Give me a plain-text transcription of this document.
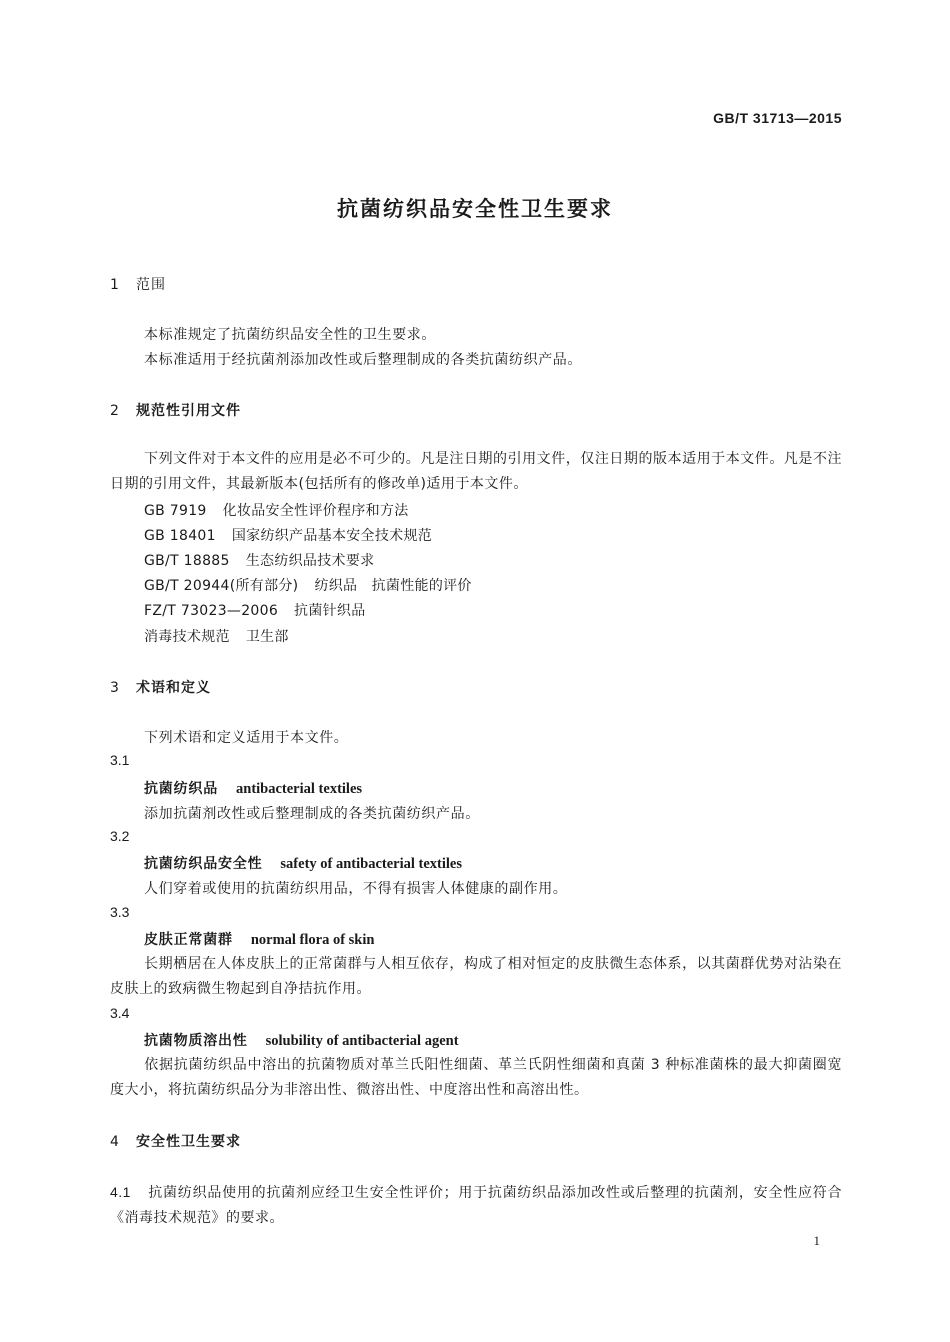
GB/T 31713—2015
抗菌纺织品安全性卫生要求
1 范围
本标准规定了抗菌纺织品安全性的卫生要求。
本标准适用于经抗菌剂添加改性或后整理制成的各类抗菌纺织产品。
2 规范性引用文件
下列文件对于本文件的应用是必不可少的。凡是注日期的引用文件，仅注日期的版本适用于本文件。凡是不注日期的引用文件，其最新版本(包括所有的修改单)适用于本文件。
GB 7919 化妆品安全性评价程序和方法
GB 18401 国家纺织产品基本安全技术规范
GB/T 18885 生态纺织品技术要求
GB/T 20944(所有部分) 纺织品　抗菌性能的评价
FZ/T 73023—2006 抗菌针织品
消毒技术规范 卫生部
3 术语和定义
下列术语和定义适用于本文件。
3.1
抗菌纺织品 antibacterial textiles
添加抗菌剂改性或后整理制成的各类抗菌纺织产品。
3.2
抗菌纺织品安全性 safety of antibacterial textiles
人们穿着或使用的抗菌纺织用品，不得有损害人体健康的副作用。
3.3
皮肤正常菌群 normal flora of skin
长期栖居在人体皮肤上的正常菌群与人相互依存，构成了相对恒定的皮肤微生态体系，以其菌群优势对沾染在皮肤上的致病微生物起到自净拮抗作用。
3.4
抗菌物质溶出性 solubility of antibacterial agent
依据抗菌纺织品中溶出的抗菌物质对革兰氏阳性细菌、革兰氏阴性细菌和真菌 3 种标准菌株的最大抑菌圈宽度大小，将抗菌纺织品分为非溶出性、微溶出性、中度溶出性和高溶出性。
4 安全性卫生要求
4.1 抗菌纺织品使用的抗菌剂应经卫生安全性评价；用于抗菌纺织品添加改性或后整理的抗菌剂，安全性应符合《消毒技术规范》的要求。
1
